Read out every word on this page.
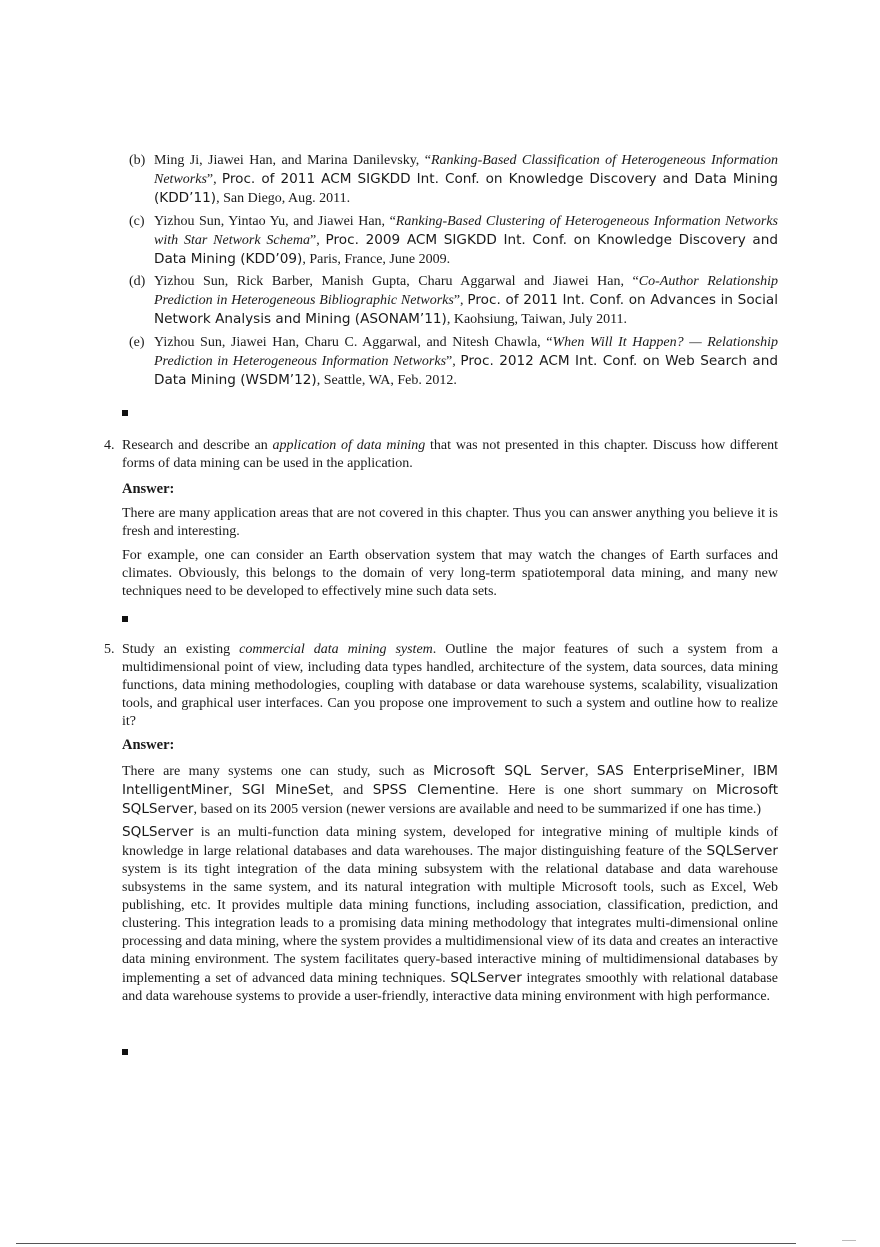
(b) Ming Ji, Jiawei Han, and Marina Danilevsky, “Ranking-Based Classification of Heterogeneous Information Networks”, Proc. of 2011 ACM SIGKDD Int. Conf. on Knowledge Discovery and Data Mining (KDD’11), San Diego, Aug. 2011.
(c) Yizhou Sun, Yintao Yu, and Jiawei Han, “Ranking-Based Clustering of Heterogeneous Information Networks with Star Network Schema”, Proc. 2009 ACM SIGKDD Int. Conf. on Knowledge Discovery and Data Mining (KDD’09), Paris, France, June 2009.
(d) Yizhou Sun, Rick Barber, Manish Gupta, Charu Aggarwal and Jiawei Han, “Co-Author Relationship Prediction in Heterogeneous Bibliographic Networks”, Proc. of 2011 Int. Conf. on Advances in Social Network Analysis and Mining (ASONAM’11), Kaohsiung, Taiwan, July 2011.
(e) Yizhou Sun, Jiawei Han, Charu C. Aggarwal, and Nitesh Chawla, “When Will It Happen? — Relationship Prediction in Heterogeneous Information Networks”, Proc. 2012 ACM Int. Conf. on Web Search and Data Mining (WSDM’12), Seattle, WA, Feb. 2012.
4. Research and describe an application of data mining that was not presented in this chapter. Discuss how different forms of data mining can be used in the application.
Answer:
There are many application areas that are not covered in this chapter. Thus you can answer anything you believe it is fresh and interesting.
For example, one can consider an Earth observation system that may watch the changes of Earth surfaces and climates. Obviously, this belongs to the domain of very long-term spatiotemporal data mining, and many new techniques need to be developed to effectively mine such data sets.
5. Study an existing commercial data mining system. Outline the major features of such a system from a multidimensional point of view, including data types handled, architecture of the system, data sources, data mining functions, data mining methodologies, coupling with database or data warehouse systems, scalability, visualization tools, and graphical user interfaces. Can you propose one improvement to such a system and outline how to realize it?
Answer:
There are many systems one can study, such as Microsoft SQL Server, SAS EnterpriseMiner, IBM IntelligentMiner, SGI MineSet, and SPSS Clementine. Here is one short summary on Microsoft SQLServer, based on its 2005 version (newer versions are available and need to be summarized if one has time.)
SQLServer is an multi-function data mining system, developed for integrative mining of multiple kinds of knowledge in large relational databases and data warehouses. The major distinguishing feature of the SQLServer system is its tight integration of the data mining subsystem with the relational database and data warehouse subsystems in the same system, and its natural integration with multiple Microsoft tools, such as Excel, Web publishing, etc. It provides multiple data mining functions, including association, classification, prediction, and clustering. This integration leads to a promising data mining methodology that integrates multi-dimensional online processing and data mining, where the system provides a multidimensional view of its data and creates an interactive data mining environment. The system facilitates query-based interactive mining of multidimensional databases by implementing a set of advanced data mining techniques. SQLServer integrates smoothly with relational database and data warehouse systems to provide a user-friendly, interactive data mining environment with high performance.
